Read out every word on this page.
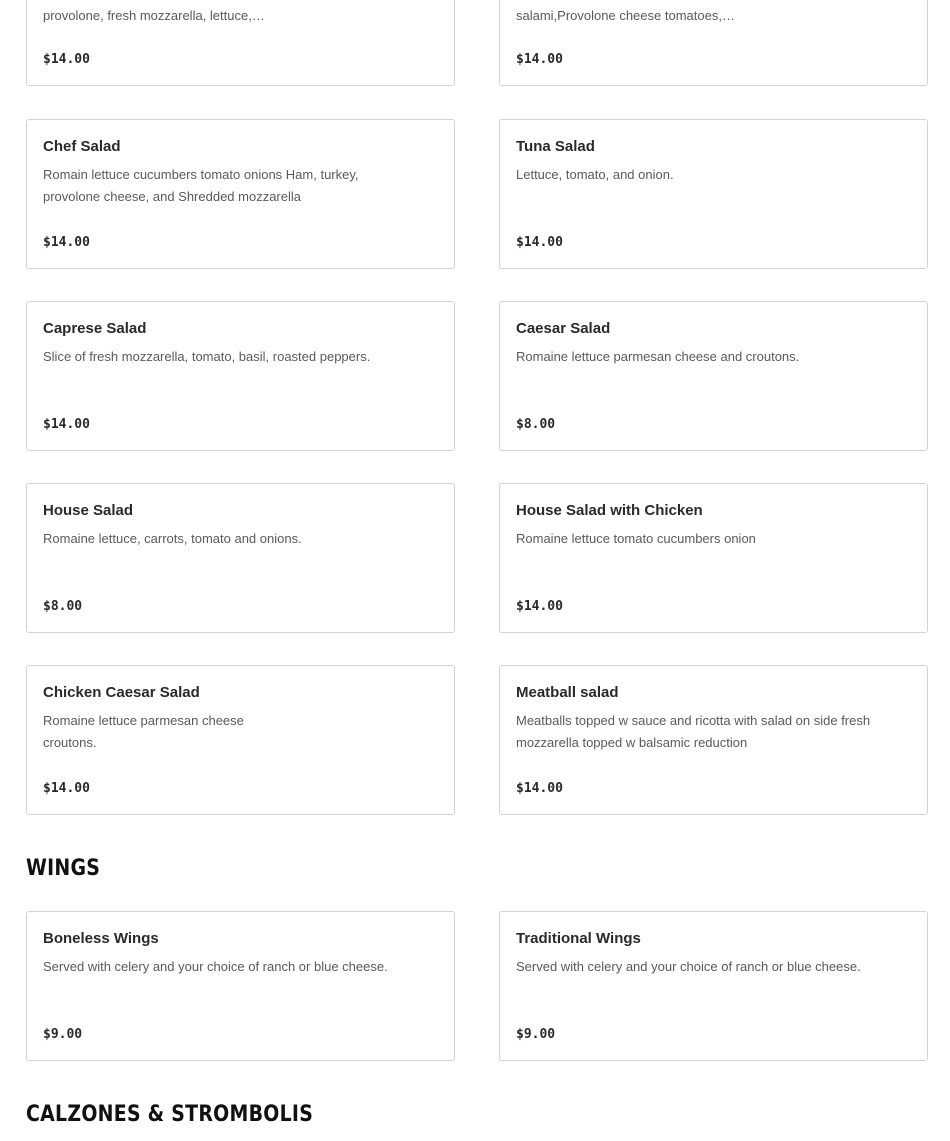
provolone, fresh mozzarella, lettuce,…

$14.00

salami,Provolone cheese tomatoes,…

$14.00
Chef Salad

Romain lettuce cucumbers tomato onions Ham, turkey, provolone cheese, and Shredded mozzarella

$14.00
Tuna Salad

Lettuce, tomato, and onion.

$14.00
Caprese Salad

Slice of fresh mozzarella, tomato, basil, roasted peppers.

$14.00
Caesar Salad

Romaine lettuce parmesan cheese and croutons.

$8.00
House Salad

Romaine lettuce, carrots, tomato and onions.

$8.00
House Salad with Chicken

Romaine lettuce tomato cucumbers onion

$14.00
Chicken Caesar Salad

Romaine lettuce parmesan cheese croutons.

$14.00
Meatball salad

Meatballs topped w sauce and ricotta with salad on side fresh mozzarella topped w balsamic reduction

$14.00
WINGS
Boneless Wings

Served with celery and your choice of ranch or blue cheese.

$9.00
Traditional Wings

Served with celery and your choice of ranch or blue cheese.

$9.00
CALZONES & STROMBOLIS
